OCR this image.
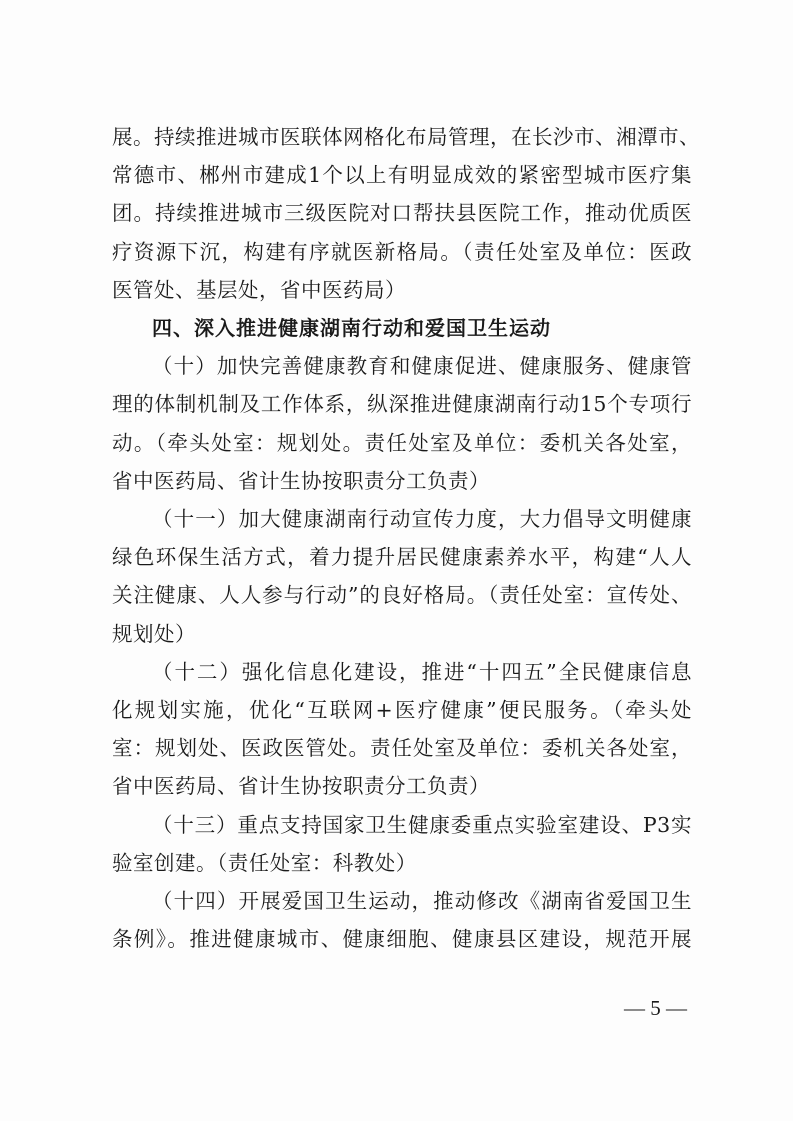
展。持续推进城市医联体网格化布局管理，在长沙市、湘潭市、
常德市、郴州市建成1个以上有明显成效的紧密型城市医疗集
团。持续推进城市三级医院对口帮扶县医院工作，推动优质医
疗资源下沉，构建有序就医新格局。（责任处室及单位：医政
医管处、基层处，省中医药局）
四、深入推进健康湖南行动和爱国卫生运动
（十）加快完善健康教育和健康促进、健康服务、健康管
理的体制机制及工作体系，纵深推进健康湖南行动15个专项行
动。（牵头处室：规划处。责任处室及单位：委机关各处室，
省中医药局、省计生协按职责分工负责）
（十一）加大健康湖南行动宣传力度，大力倡导文明健康
绿色环保生活方式，着力提升居民健康素养水平，构建“人人
关注健康、人人参与行动”的良好格局。（责任处室：宣传处、
规划处）
（十二）强化信息化建设，推进“十四五”全民健康信息
化规划实施，优化“互联网+医疗健康”便民服务。（牵头处
室：规划处、医政医管处。责任处室及单位：委机关各处室，
省中医药局、省计生协按职责分工负责）
（十三）重点支持国家卫生健康委重点实验室建设、P3实
验室创建。（责任处室：科教处）
（十四）开展爱国卫生运动，推动修改《湖南省爱国卫生
条例》。推进健康城市、健康细胞、健康县区建设，规范开展
— 5 —
